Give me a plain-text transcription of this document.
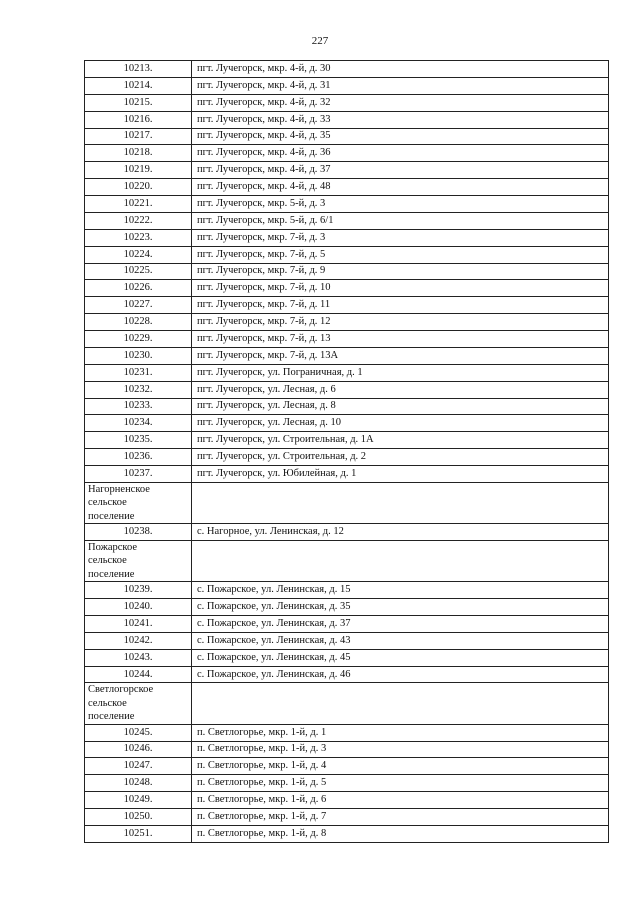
227
10213.	пгт. Лучегорск, мкр. 4-й, д. 30
10214.	пгт. Лучегорск, мкр. 4-й, д. 31
10215.	пгт. Лучегорск, мкр. 4-й, д. 32
10216.	пгт. Лучегорск, мкр. 4-й, д. 33
10217.	пгт. Лучегорск, мкр. 4-й, д. 35
10218.	пгт. Лучегорск, мкр. 4-й, д. 36
10219.	пгт. Лучегорск, мкр. 4-й, д. 37
10220.	пгт. Лучегорск, мкр. 4-й, д. 48
10221.	пгт. Лучегорск, мкр. 5-й, д. 3
10222.	пгт. Лучегорск, мкр. 5-й, д. 6/1
10223.	пгт. Лучегорск, мкр. 7-й, д. 3
10224.	пгт. Лучегорск, мкр. 7-й, д. 5
10225.	пгт. Лучегорск, мкр. 7-й, д. 9
10226.	пгт. Лучегорск, мкр. 7-й, д. 10
10227.	пгт. Лучегорск, мкр. 7-й, д. 11
10228.	пгт. Лучегорск, мкр. 7-й, д. 12
10229.	пгт. Лучегорск, мкр. 7-й, д. 13
10230.	пгт. Лучегорск, мкр. 7-й, д. 13А
10231.	пгт. Лучегорск, ул. Пограничная, д. 1
10232.	пгт. Лучегорск, ул. Лесная, д. 6
10233.	пгт. Лучегорск, ул. Лесная, д. 8
10234.	пгт. Лучегорск, ул. Лесная, д. 10
10235.	пгт. Лучегорск, ул. Строительная, д. 1А
10236.	пгт. Лучегорск, ул. Строительная, д. 2
10237.	пгт. Лучегорск, ул. Юбилейная, д. 1

Нагорненское
сельское
поселение	

10238.	с. Нагорное, ул. Ленинская, д. 12

Пожарское
сельское
поселение	

10239.	с. Пожарское, ул. Ленинская, д. 15
10240.	с. Пожарское, ул. Ленинская, д. 35
10241.	с. Пожарское, ул. Ленинская, д. 37
10242.	с. Пожарское, ул. Ленинская, д. 43
10243.	с. Пожарское, ул. Ленинская, д. 45
10244.	с. Пожарское, ул. Ленинская, д. 46

Светлогорское
сельское
поселение	

10245.	п. Светлогорье, мкр. 1-й, д. 1
10246.	п. Светлогорье, мкр. 1-й, д. 3
10247.	п. Светлогорье, мкр. 1-й, д. 4
10248.	п. Светлогорье, мкр. 1-й, д. 5
10249.	п. Светлогорье, мкр. 1-й, д. 6
10250.	п. Светлогорье, мкр. 1-й, д. 7
10251.	п. Светлогорье, мкр. 1-й, д. 8
